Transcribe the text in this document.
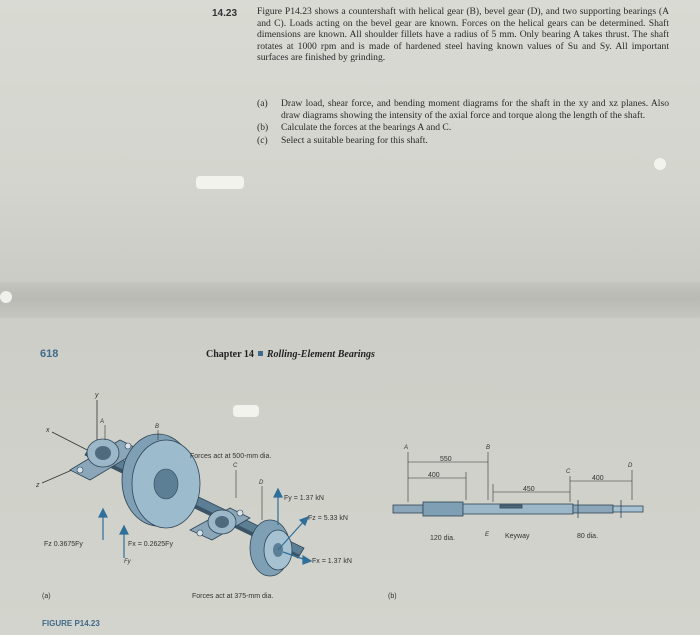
14.23 Figure P14.23 shows a countershaft with helical gear (B), bevel gear (D), and two supporting bearings (A and C). Loads acting on the bevel gear are known. Forces on the helical gears can be determined. Shaft dimensions are known. All shoulder fillets have a radius of 5 mm. Only bearing A takes thrust. The shaft rotates at 1000 rpm and is made of hardened steel having known values of Su and Sy. All important surfaces are finished by grinding.
(a)	Draw load, shear force, and bending moment diagrams for the shaft in the xy and xz planes. Also draw diagrams showing the intensity of the axial force and torque along the length of the shaft.
(b)	Calculate the forces at the bearings A and C.
(c)	Select a suitable bearing for this shaft.
618	Chapter 14 Rolling-Element Bearings
y
x
z
A
B
C
D
Forces act at 500-mm dia.
Forces act at 375-mm dia.
Fy = 1.37 kN
Fz = 5.33 kN
Fx = 1.37 kN
Fz 0.3675Fy	Fx = 0.2625Fy
Fy
(a)	(b)
A	B
C
D
550
400
450
400
120 dia.	E Keyway	80 dia.
FIGURE P14.23
